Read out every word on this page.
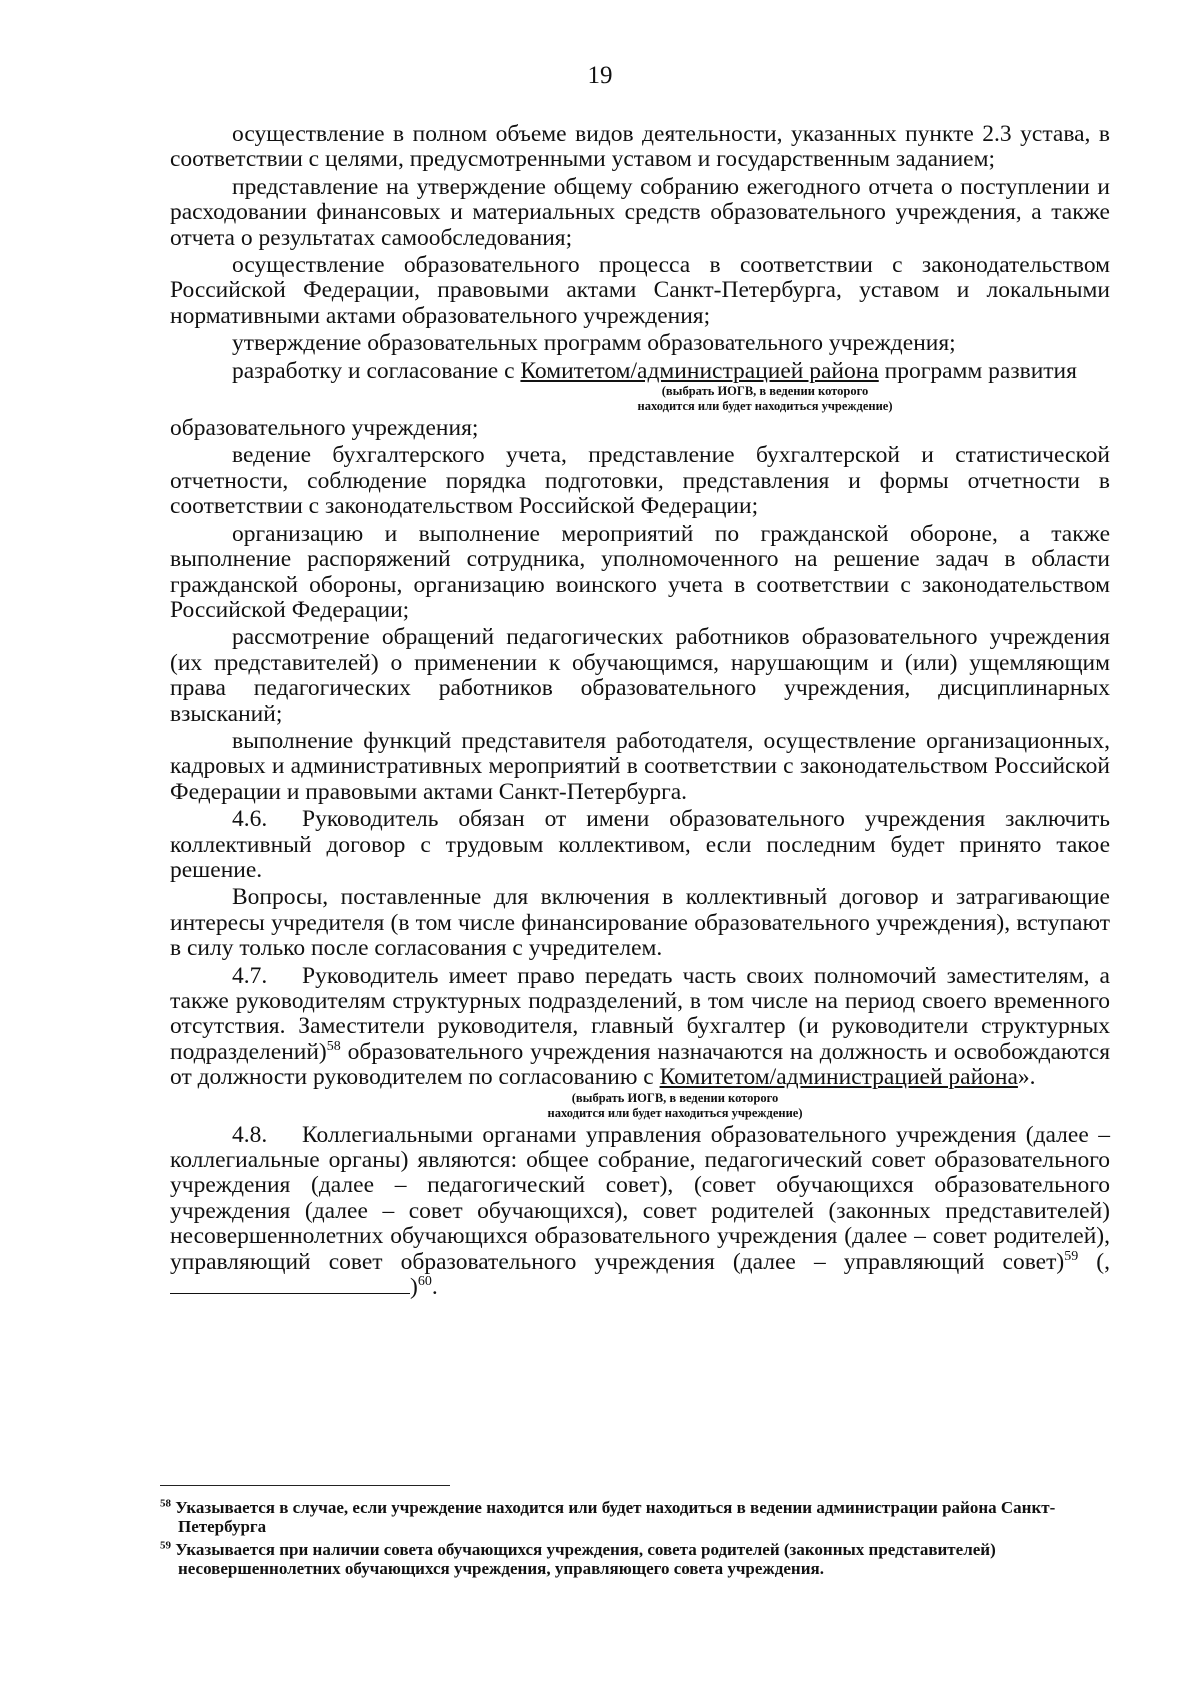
19

осуществление в полном объеме видов деятельности, указанных пункте 2.3 устава, в соответствии с целями, предусмотренными уставом и государственным заданием;

представление на утверждение общему собранию ежегодного отчета о поступлении и расходовании финансовых и материальных средств образовательного учреждения, а также отчета о результатах самообследования;

осуществление образовательного процесса в соответствии с законодательством Российской Федерации, правовыми актами Санкт-Петербурга, уставом и локальными нормативными актами образовательного учреждения;

утверждение образовательных программ образовательного учреждения;

разработку и согласование с Комитетом/администрацией района программ развития

(выбрать ИОГВ, в ведении которого
находится или будет находиться учреждение)

образовательного учреждения;

ведение бухгалтерского учета, представление бухгалтерской и статистической отчетности, соблюдение порядка подготовки, представления и формы отчетности в соответствии с законодательством Российской Федерации;

организацию и выполнение мероприятий по гражданской обороне, а также выполнение распоряжений сотрудника, уполномоченного на решение задач в области гражданской обороны, организацию воинского учета в соответствии с законодательством Российской Федерации;

рассмотрение обращений педагогических работников образовательного учреждения (их представителей) о применении к обучающимся, нарушающим и (или) ущемляющим права педагогических работников образовательного учреждения, дисциплинарных взысканий;

выполнение функций представителя работодателя, осуществление организационных, кадровых и административных мероприятий в соответствии с законодательством Российской Федерации и правовыми актами Санкт-Петербурга.

4.6. Руководитель обязан от имени образовательного учреждения заключить коллективный договор с трудовым коллективом, если последним будет принято такое решение.

Вопросы, поставленные для включения в коллективный договор и затрагивающие интересы учредителя (в том числе финансирование образовательного учреждения), вступают в силу только после согласования с учредителем.

4.7. Руководитель имеет право передать часть своих полномочий заместителям, а также руководителям структурных подразделений, в том числе на период своего временного отсутствия. Заместители руководителя, главный бухгалтер (и руководители структурных подразделений)$^{58}$ образовательного учреждения назначаются на должность и освобождаются от должности руководителем по согласованию с Комитетом/администрацией района».

(выбрать ИОГВ, в ведении которого
находится или будет находиться учреждение)

4.8. Коллегиальными органами управления образовательного учреждения (далее – коллегиальные органы) являются: общее собрание, педагогический совет образовательного учреждения (далее – педагогический совет), (совет обучающихся образовательного учреждения (далее – совет обучающихся), совет родителей (законных представителей) несовершеннолетних обучающихся образовательного учреждения (далее – совет родителей), управляющий совет образовательного учреждения (далее – управляющий совет)$^{59}$ (,)$^{60}$.

$^{58}$ Указывается в случае, если учреждение находится или будет находиться в ведении администрации района Санкт-Петербурга

$^{59}$ Указывается при наличии совета обучающихся учреждения, совета родителей (законных представителей) несовершеннолетних обучающихся учреждения, управляющего совета учреждения.
